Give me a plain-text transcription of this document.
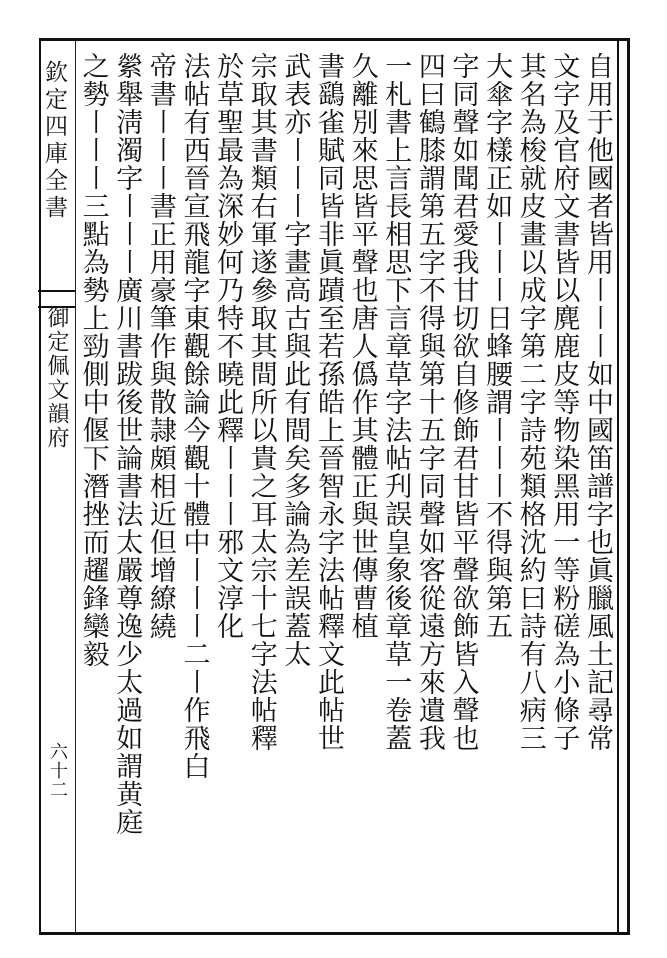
欽定四庫全書
御定佩文韻府
六十二
自用于他國者皆用〡〡〡如中國笛譜字也眞臘風土記尋常
文字及官府文書皆以麂鹿皮等物染黑用一等粉磋為小條子
其名為梭就皮畫以成字第二字詩苑類格沈約曰詩有八病三
大傘字樣正如〡〡〡日蜂腰謂〡〡〡不得與第五
字同聲如聞君愛我甘切欲自修飾君甘皆平聲欲飾皆入聲也
四曰鶴膝謂第五字不得與第十五字同聲如客從遠方來遺我
一札書上言長相思下言章草字法帖刋誤皇象後章草一卷蓋
久離別來思皆平聲也唐人僞作其體正與世傳曹植
書鷂雀賦同皆非眞蹟至若孫皓上晉智永字法帖釋文此帖世
武表亦〡〡〡字畫高古與此有間矣多論為差誤蓋太
宗取其書類右軍遂參取其間所以貴之耳太宗十七字法帖釋
於草聖最為深妙何乃特不曉此釋〡〡〡邪文淳化
法帖有西晉宣飛龍字東觀餘論今觀十體中〡〡〡二〡作飛白
帝書〡〡〡書正用豪筆作與散隷頗相近但增繚繞
縈舉淸濁字〡〡〡廣川書跋後世論書法太嚴尊逸少太過如謂黄庭
之勢〡〡〡三點為勢上勁側中偃下潛挫而趯鋒欒毅
